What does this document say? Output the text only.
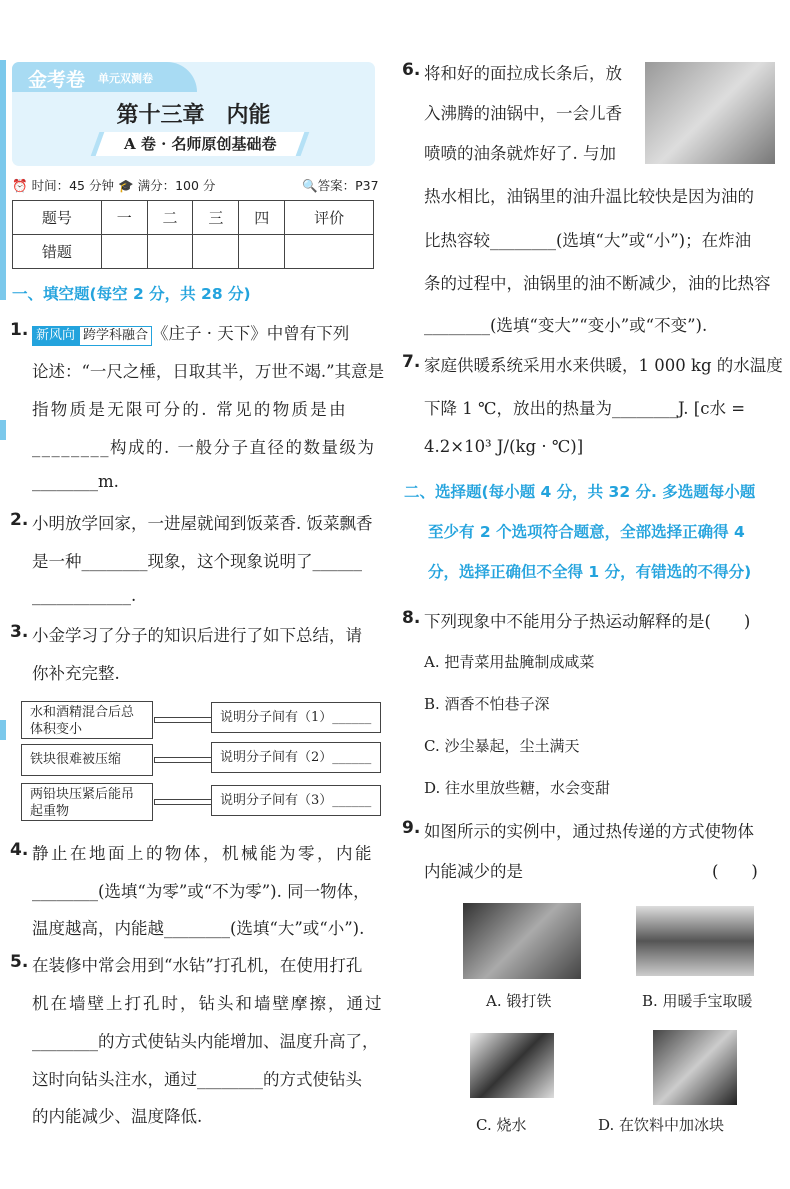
金考卷 单元双测卷
第十三章　内能
A 卷 · 名师原创基础卷
⏰ 时间：45 分钟 🎓 满分：100 分	🔍答案：P37
题号	一	二	三	四	评价
错题					
一、填空题(每空 2 分，共 28 分)
1. 新风向 跨学科融合 《庄子 · 天下》中曾有下列
论述：“一尺之棰，日取其半，万世不竭.”其意是
指物质是无限可分的. 常见的物质是由
________构成的. 一般分子直径的数量级为
________m.
2. 小明放学回家，一进屋就闻到饭菜香. 饭菜飘香
是一种________现象，这个现象说明了______
____________.
3. 小金学习了分子的知识后进行了如下总结，请
你补充完整.
水和酒精混合后总体积变小
说明分子间有（1）______
铁块很难被压缩	说明分子间有（2）______
两铅块压紧后能吊起重物
说明分子间有（3）______
4. 静止在地面上的物体，机械能为零，内能
________(选填“为零”或“不为零”). 同一物体，
温度越高，内能越________(选填“大”或“小”).
5. 在装修中常会用到“水钻”打孔机，在使用打孔
机在墙壁上打孔时，钻头和墙壁摩擦，通过
________的方式使钻头内能增加、温度升高了，
这时向钻头注水，通过________的方式使钻头
的内能减少、温度降低.
6. 将和好的面拉成长条后，放
入沸腾的油锅中，一会儿香
喷喷的油条就炸好了. 与加
热水相比，油锅里的油升温比较快是因为油的
比热容较________(选填“大”或“小”)；在炸油
条的过程中，油锅里的油不断减少，油的比热容
________(选填“变大”“变小”或“不变”).
7. 家庭供暖系统采用水来供暖，1 000 kg 的水温度
下降 1 ℃，放出的热量为________J. [c水 =
4.2×10³ J/(kg · ℃)]
二、选择题(每小题 4 分，共 32 分. 多选题每小题
至少有 2 个选项符合题意，全部选择正确得 4
分，选择正确但不全得 1 分，有错选的不得分)
8. 下列现象中不能用分子热运动解释的是(　　)
A. 把青菜用盐腌制成咸菜
B. 酒香不怕巷子深
C. 沙尘暴起，尘土满天
D. 往水里放些糖，水会变甜
9. 如图所示的实例中，通过热传递的方式使物体
内能减少的是	(　　)
A. 锻打铁	B. 用暖手宝取暖
C. 烧水	D. 在饮料中加冰块
